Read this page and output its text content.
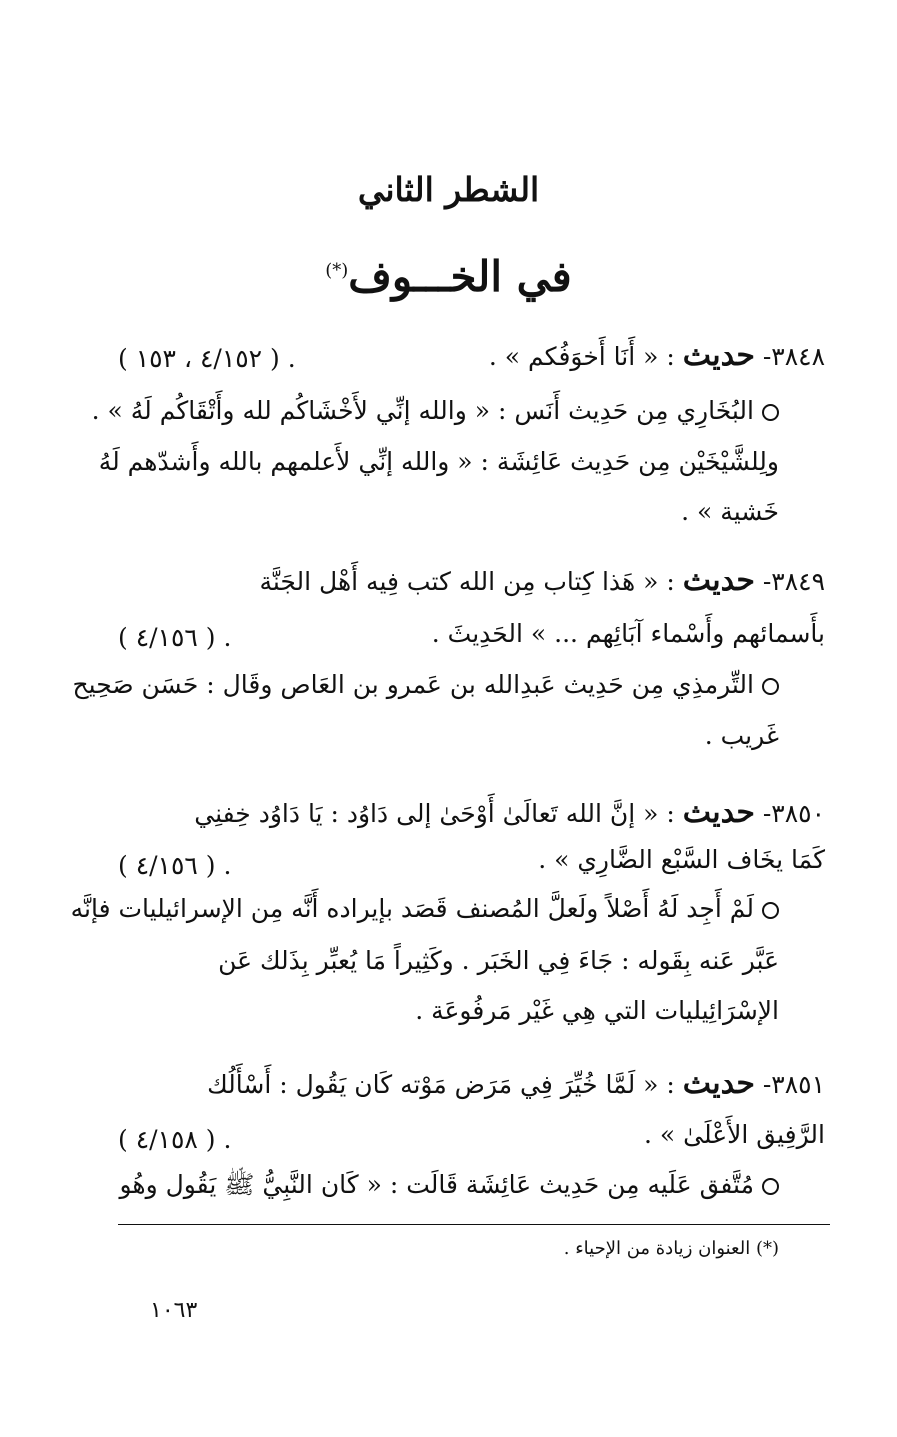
الشطر الثاني
في الخـــوف(*)
٣٨٤٨- حديث : « أَنَا أَخوَفُكم » .
( ٤/١٥٢ ، ١٥٣ ) .
البُخَارِي مِن حَدِيث أَنَس : « والله إنِّي لأَخْشَاكُم لله وأَتْقَاكُم لَهُ » .
ولِلشَّيْخَيْن مِن حَدِيث عَائِشَة : « والله إنِّي لأَعلمهم بالله وأَشدّهم لَهُ
خَشية » .
٣٨٤٩- حديث : « هَذا كِتاب مِن الله كتب فِيه أَهْل الجَنَّة
بأَسمائهم وأَسْماء آبَائِهم ... » الحَدِيثَ .
( ٤/١٥٦ ) .
التِّرمذِي مِن حَدِيث عَبدِالله بن عَمرو بن العَاص وقَال : حَسَن صَحِيح
غَريب .
٣٨٥٠- حديث : « إنَّ الله تَعالَىٰ أَوْحَىٰ إلى دَاوُد : يَا دَاوُد خِفنِي
كَمَا يخَاف السَّبْع الضَّارِي » .
( ٤/١٥٦ ) .
لَمْ أَجِد لَهُ أَصْلاً ولَعلَّ المُصنف قَصَد بإيراده أَنَّه مِن الإسرائيليات فإنَّه
عَبَّر عَنه بِقَوله : جَاءَ فِي الخَبَر . وكَثِيراً مَا يُعبِّر بِذَلك عَن
الإسْرَائِيليات التي هِي غَيْر مَرفُوعَة .
٣٨٥١- حديث : « لَمَّا خُيِّرَ فِي مَرَض مَوْته كَان يَقُول : أَسْأَلُك
الرَّفِيق الأَعْلَىٰ » .
( ٤/١٥٨ ) .
مُتَّفق عَلَيه مِن حَدِيث عَائِشَة قَالَت : « كَان النَّبِيُّ ﷺ يَقُول وهُو
(*) العنوان زيادة من الإحياء .
١٠٦٣
